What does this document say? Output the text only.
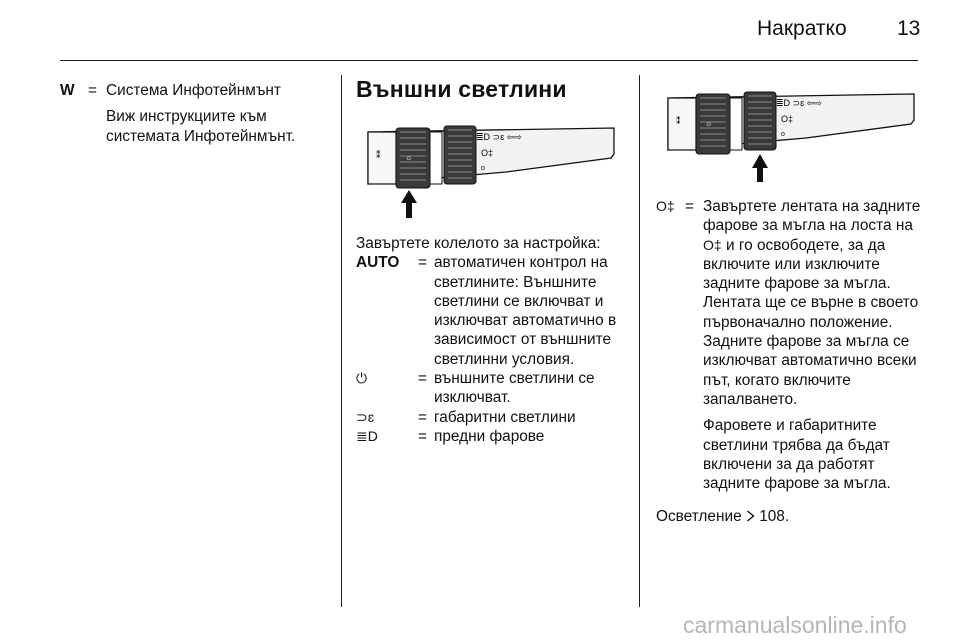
Накратко 13
W = Система Инфотейнмънт

Виж инструкциите към системата Инфотейнмънт.

Външни светлини
≣D ⊃ɛ ⇦⇨
O‡
o
☼
⁑

Завъртете колелото за настройка:

AUTO	= автоматичен контрол на светлините: Външните светлини се включват и изключват автоматично в зависимост от външните светлинни условия.

⏻	= външните светлини се изключват.

⊃ɛ	= габаритни светлини

≣D	= предни фарове

≣D ⊃ɛ ⇦⇨
O‡
o
☼
⁑
O‡ = Завъртете лентата на задните фарове за мъгла на лоста на O‡ и го освободете, за да включите или изключите задните фарове за мъгла. Лентата ще се върне в своето първоначално положение. Задните фарове за мъгла се изключват автоматично всеки път, когато включите запалването.

Фаровете и габаритните светлини трябва да бъдат включени за да работят задните фарове за мъгла.

Осветление 108.

carmanualsonline.info
